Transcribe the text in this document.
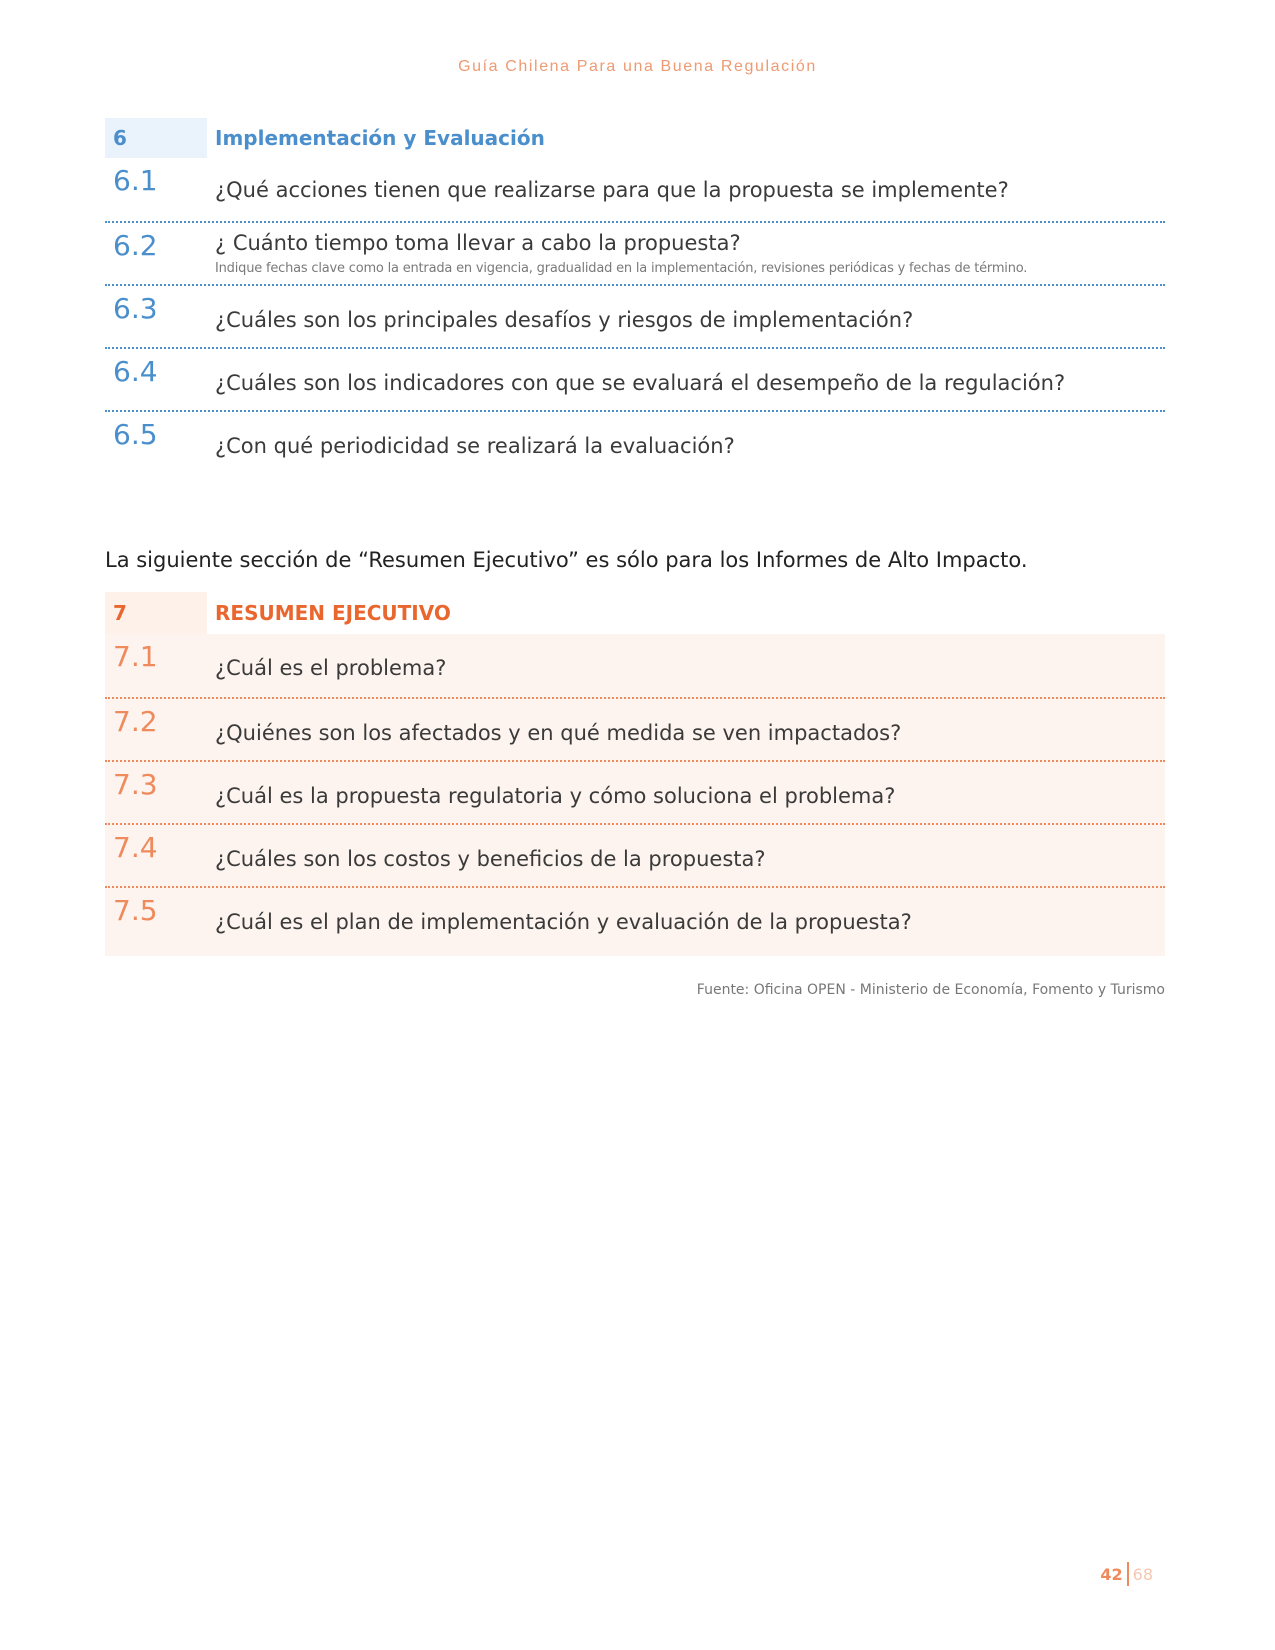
Guía Chilena Para una Buena Regulación
6	Implementación y Evaluación
6.1	¿Qué acciones tienen que realizarse para que la propuesta se implemente?
6.2	¿ Cuánto tiempo toma llevar a cabo la propuesta?
Indique fechas clave como la entrada en vigencia, gradualidad en la implementación, revisiones periódicas y fechas de término.
6.3	¿Cuáles son los principales desafíos y riesgos de implementación?
6.4	¿Cuáles son los indicadores con que se evaluará el desempeño de la regulación?
6.5	¿Con qué periodicidad se realizará la evaluación?
La siguiente sección de “Resumen Ejecutivo” es sólo para los Informes de Alto Impacto.
7	RESUMEN EJECUTIVO
7.1	¿Cuál es el problema?
7.2	¿Quiénes son los afectados y en qué medida se ven impactados?
7.3	¿Cuál es la propuesta regulatoria y cómo soluciona el problema?
7.4	¿Cuáles son los costos y beneficios de la propuesta?
7.5	¿Cuál es el plan de implementación y evaluación de la propuesta?
Fuente: Oficina OPEN - Ministerio de Economía, Fomento y Turismo
42 68
